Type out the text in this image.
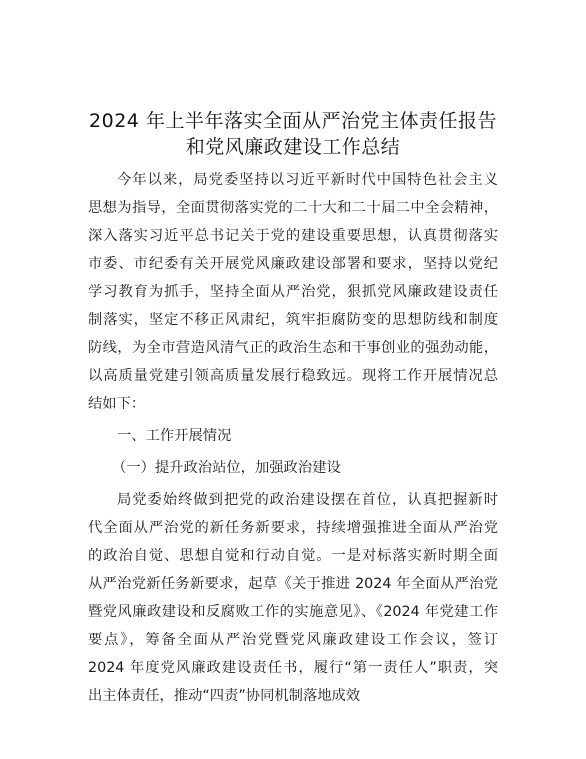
2024 年上半年落实全面从严治党主体责任报告
和党风廉政建设工作总结

今年以来，局党委坚持以习近平新时代中国特色社会主义

思想为指导，全面贯彻落实党的二十大和二十届二中全会精神，

深入落实习近平总书记关于党的建设重要思想，认真贯彻落实

市委、市纪委有关开展党风廉政建设部署和要求，坚持以党纪

学习教育为抓手，坚持全面从严治党，狠抓党风廉政建设责任

制落实，坚定不移正风肃纪，筑牢拒腐防变的思想防线和制度

防线，为全市营造风清气正的政治生态和干事创业的强劲动能，

以高质量党建引领高质量发展行稳致远。现将工作开展情况总

结如下：

一、工作开展情况

（一）提升政治站位，加强政治建设

局党委始终做到把党的政治建设摆在首位，认真把握新时

代全面从严治党的新任务新要求，持续增强推进全面从严治党

的政治自觉、思想自觉和行动自觉。一是对标落实新时期全面

从严治党新任务新要求，起草《关于推进 2024 年全面从严治党

暨党风廉政建设和反腐败工作的实施意见》、《2024 年党建工作

要点》，筹备全面从严治党暨党风廉政建设工作会议，签订

2024 年度党风廉政建设责任书，履行“第一责任人”职责，突

出主体责任，推动“四责”协同机制落地成效
